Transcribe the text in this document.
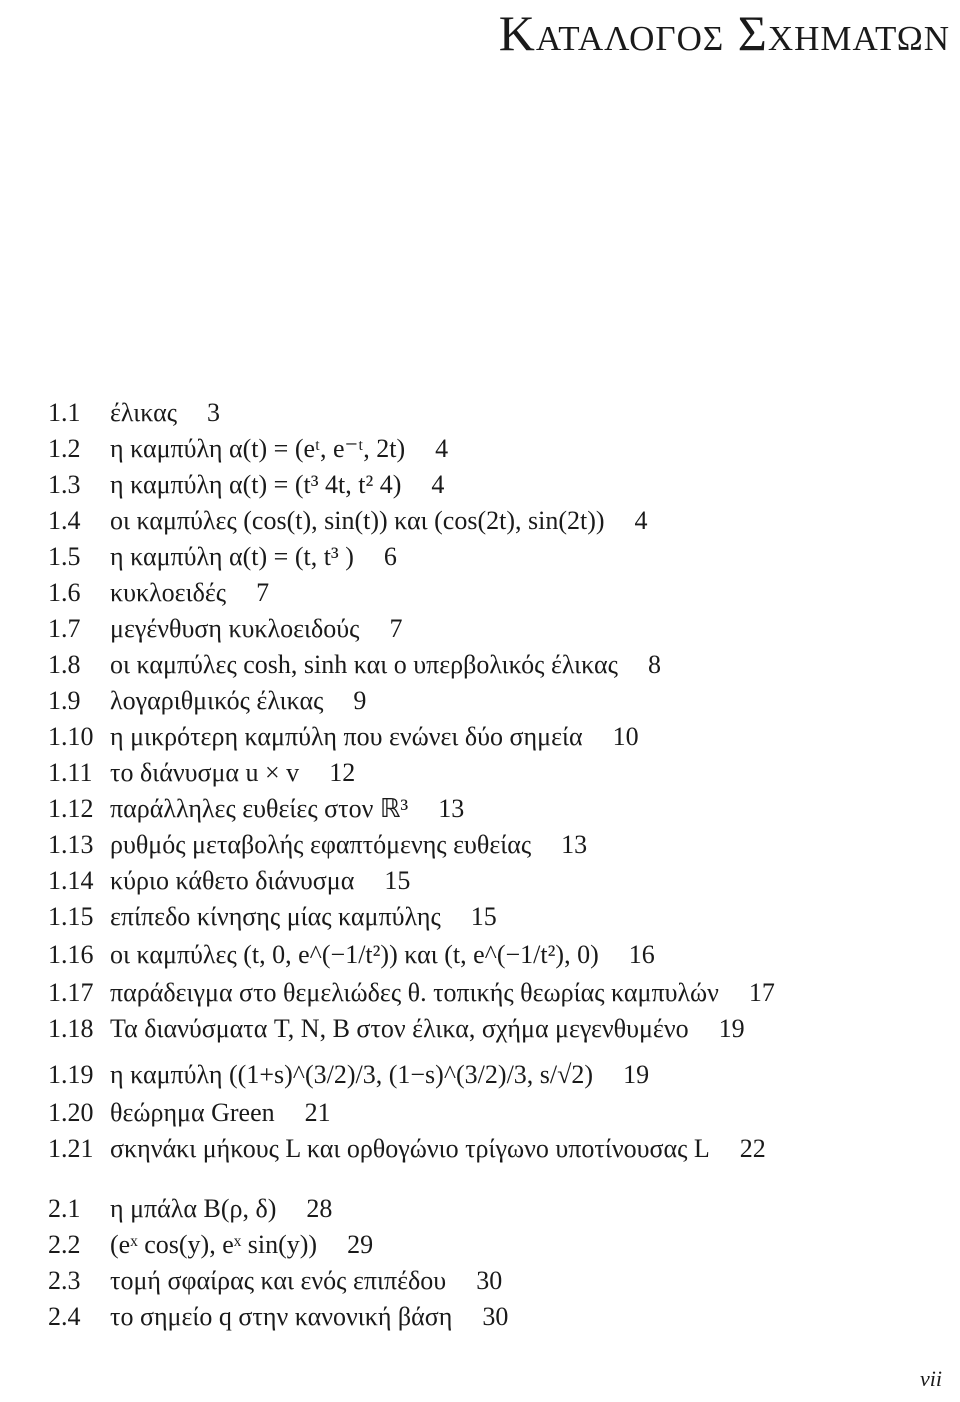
Καταλογος Σχηματων
1.1 έλικας 3
1.2 η καμπύλη α(t) = (eᵗ, e⁻ᵗ, 2t) 4
1.3 η καμπύλη α(t) = (t³ 4t, t² 4) 4
1.4 οι καμπύλες (cos(t), sin(t)) και (cos(2t), sin(2t)) 4
1.5 η καμπύλη α(t) = (t, t³ ) 6
1.6 κυκλοειδές 7
1.7 μεγένθυση κυκλοειδούς 7
1.8 οι καμπύλες cosh, sinh και ο υπερβολικός έλικας 8
1.9 λογαριθμικός έλικας 9
1.10 η μικρότερη καμπύλη που ενώνει δύο σημεία 10
1.11 το διάνυσμα u × v 12
1.12 παράλληλες ευθείες στον ℝ³ 13
1.13 ρυθμός μεταβολής εφαπτόμενης ευθείας 13
1.14 κύριο κάθετο διάνυσμα 15
1.15 επίπεδο κίνησης μίας καμπύλης 15
1.16 οι καμπύλες (t, 0, e^(−1/t²)) και (t, e^(−1/t²), 0) 16
1.17 παράδειγμα στο θεμελιώδες θ. τοπικής θεωρίας καμπυλών 17
1.18 Τα διανύσματα T, N, B στον έλικα, σχήμα μεγενθυμένο 19
1.19 η καμπύλη ((1+s)^(3/2)/3, (1−s)^(3/2)/3, s/√2) 19
1.20 θεώρημα Green 21
1.21 σκηνάκι μήκους L και ορθογώνιο τρίγωνο υποτίνουσας L 22
2.1 η μπάλα B(ρ, δ) 28
2.2 (eˣ cos(y), eˣ sin(y)) 29
2.3 τομή σφαίρας και ενός επιπέδου 30
2.4 το σημείο q στην κανονική βάση 30
vii
